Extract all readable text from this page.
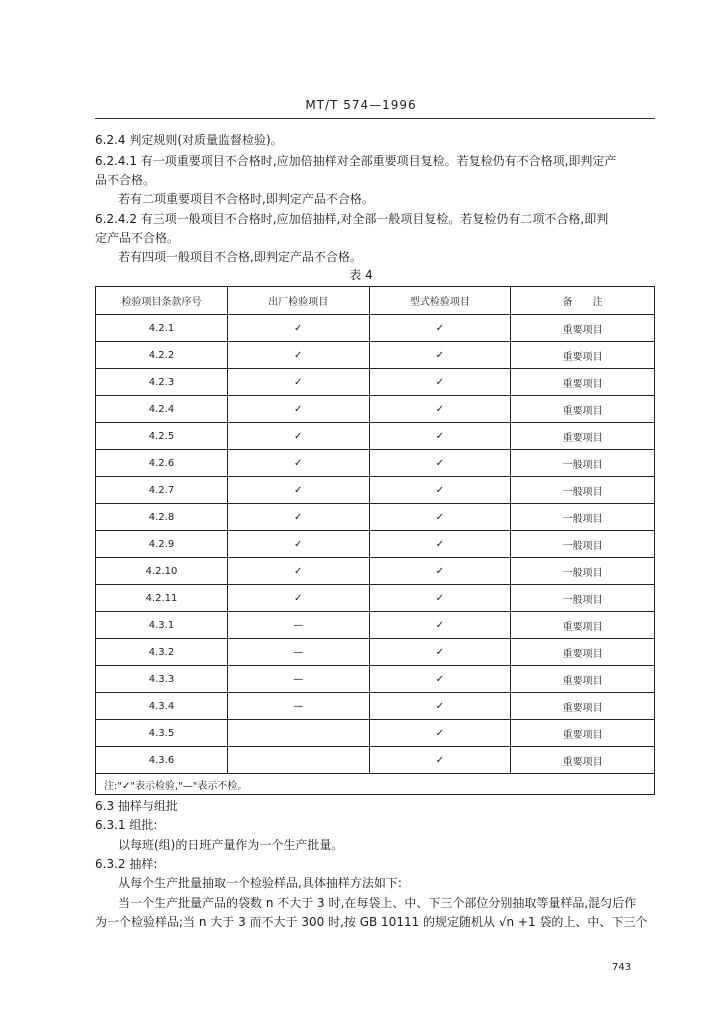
MT/T 574—1996
6.2.4 判定规则(对质量监督检验)。
6.2.4.1 有一项重要项目不合格时,应加倍抽样对全部重要项目复检。若复检仍有不合格项,即判定产
品不合格。
若有二项重要项目不合格时,即判定产品不合格。
6.2.4.2 有三项一般项目不合格时,应加倍抽样,对全部一般项目复检。若复检仍有二项不合格,即判
定产品不合格。
若有四项一般项目不合格,即判定产品不合格。
表 4
检验项目条款序号	出厂检验项目	型式检验项目	备　　注
4.2.1	✓	✓	重要项目
4.2.2	✓	✓	重要项目
4.2.3	✓	✓	重要项目
4.2.4	✓	✓	重要项目
4.2.5	✓	✓	重要项目
4.2.6	✓	✓	一般项目
4.2.7	✓	✓	一般项目
4.2.8	✓	✓	一般项目
4.2.9	✓	✓	一般项目
4.2.10	✓	✓	一般项目
4.2.11	✓	✓	一般项目
4.3.1	—	✓	重要项目
4.3.2	—	✓	重要项目
4.3.3	—	✓	重要项目
4.3.4	—	✓	重要项目
4.3.5		✓	重要项目
4.3.6		✓	重要项目
注:"✓"表示检验,"—"表示不检。			
6.3 抽样与组批
6.3.1 组批:
以每班(组)的日班产量作为一个生产批量。
6.3.2 抽样:
从每个生产批量抽取一个检验样品,具体抽样方法如下:
当一个生产批量产品的袋数 n 不大于 3 时,在每袋上、中、下三个部位分别抽取等量样品,混匀后作
为一个检验样品;当 n 大于 3 而不大于 300 时,按 GB 10111 的规定随机从 √n +1 袋的上、中、下三个
743
